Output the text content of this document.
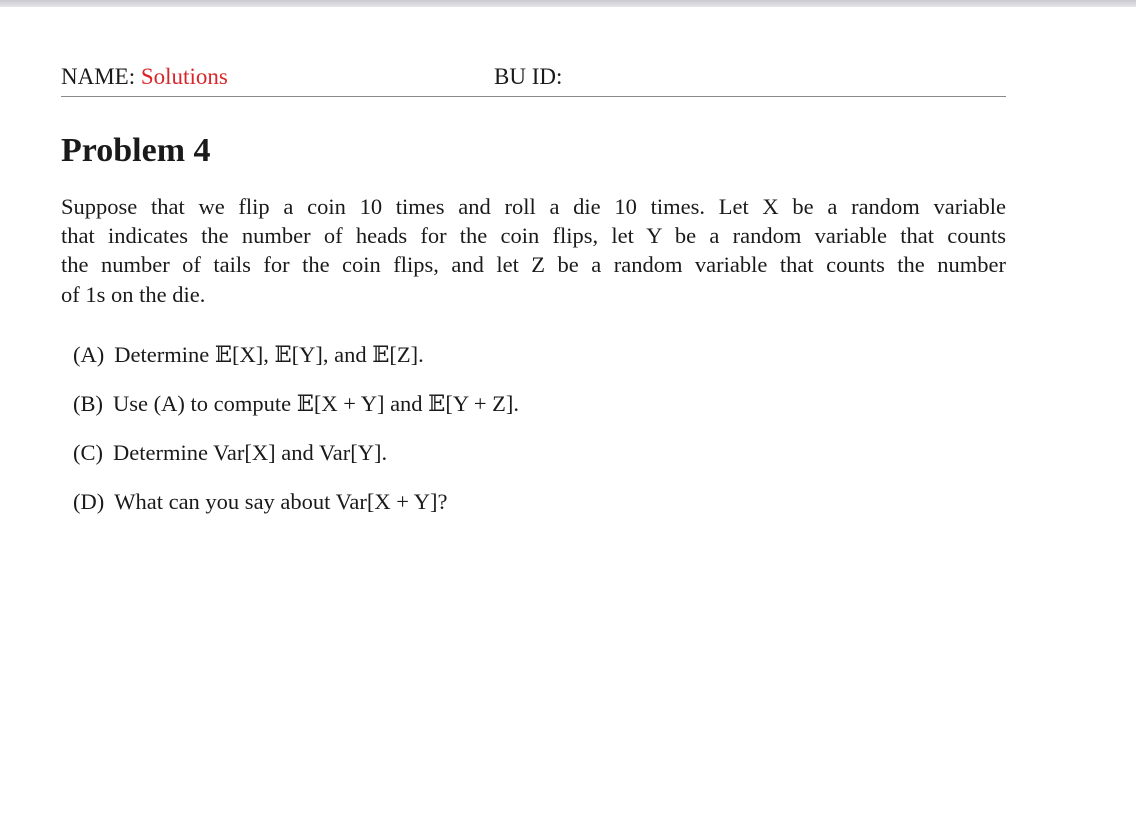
NAME: Solutions	BU ID:
Problem 4

Suppose that we flip a coin 10 times and roll a die 10 times. Let X be a random variable
that indicates the number of heads for the coin flips, let Y be a random variable that counts
the number of tails for the coin flips, and let Z be a random variable that counts the number
of 1s on the die.

(A) Determine 𝔼[X], 𝔼[Y], and 𝔼[Z].
(B) Use (A) to compute 𝔼[X + Y] and 𝔼[Y + Z].
(C) Determine Var[X] and Var[Y].
(D) What can you say about Var[X + Y]?
